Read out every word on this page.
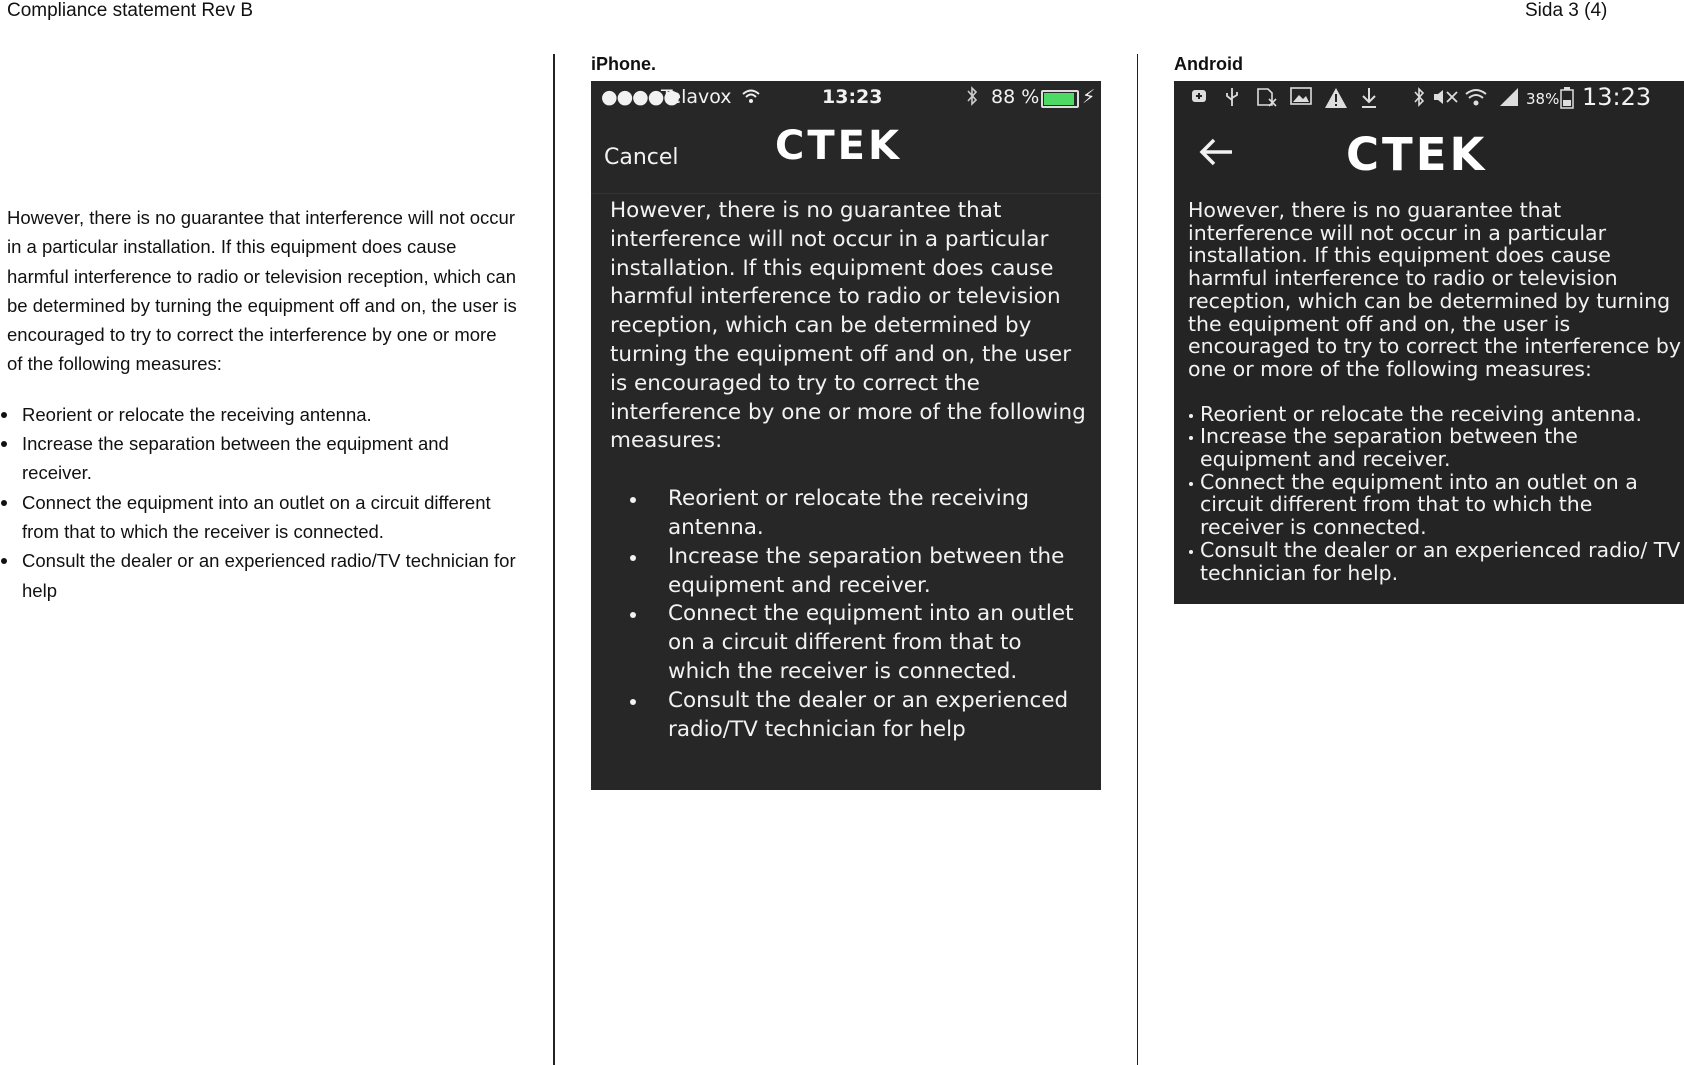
Compliance statement Rev B	Sida 3 (4)

However, there is no guarantee that interference will not occur in a particular installation. If this equipment does cause harmful interference to radio or television reception, which can be determined by turning the equipment off and on, the user is encouraged to try to correct the interference by one or more of the following measures:

Reorient or relocate the receiving antenna.
Increase the separation between the equipment and receiver.
Connect the equipment into an outlet on a circuit different from that to which the receiver is connected.
Consult the dealer or an experienced radio/TV technician for help
iPhone.	Android
●●●●●
Telavox	13:23	88 % ⚡
Cancel CTEK

However, there is no guarantee that interference will not occur in a particular installation. If this equipment does cause harmful interference to radio or television reception, which can be determined by turning the equipment off and on, the user is encouraged to try to correct the interference by one or more of the following measures:

Reorient or relocate the receiving antenna.
Increase the separation between the equipment and receiver.
Connect the equipment into an outlet on a circuit different from that to which the receiver is connected.
Consult the dealer or an experienced radio/TV technician for help
38% 13:23
CTEK

However, there is no guarantee that interference will not occur in a particular installation. If this equipment does cause harmful interference to radio or television reception, which can be determined by turning the equipment off and on, the user is encouraged to try to correct the interference by one or more of the following measures:

Reorient or relocate the receiving antenna.
Increase the separation between the equipment and receiver.
Connect the equipment into an outlet on a circuit different from that to which the receiver is connected.
Consult the dealer or an experienced radio/ TV technician for help.
